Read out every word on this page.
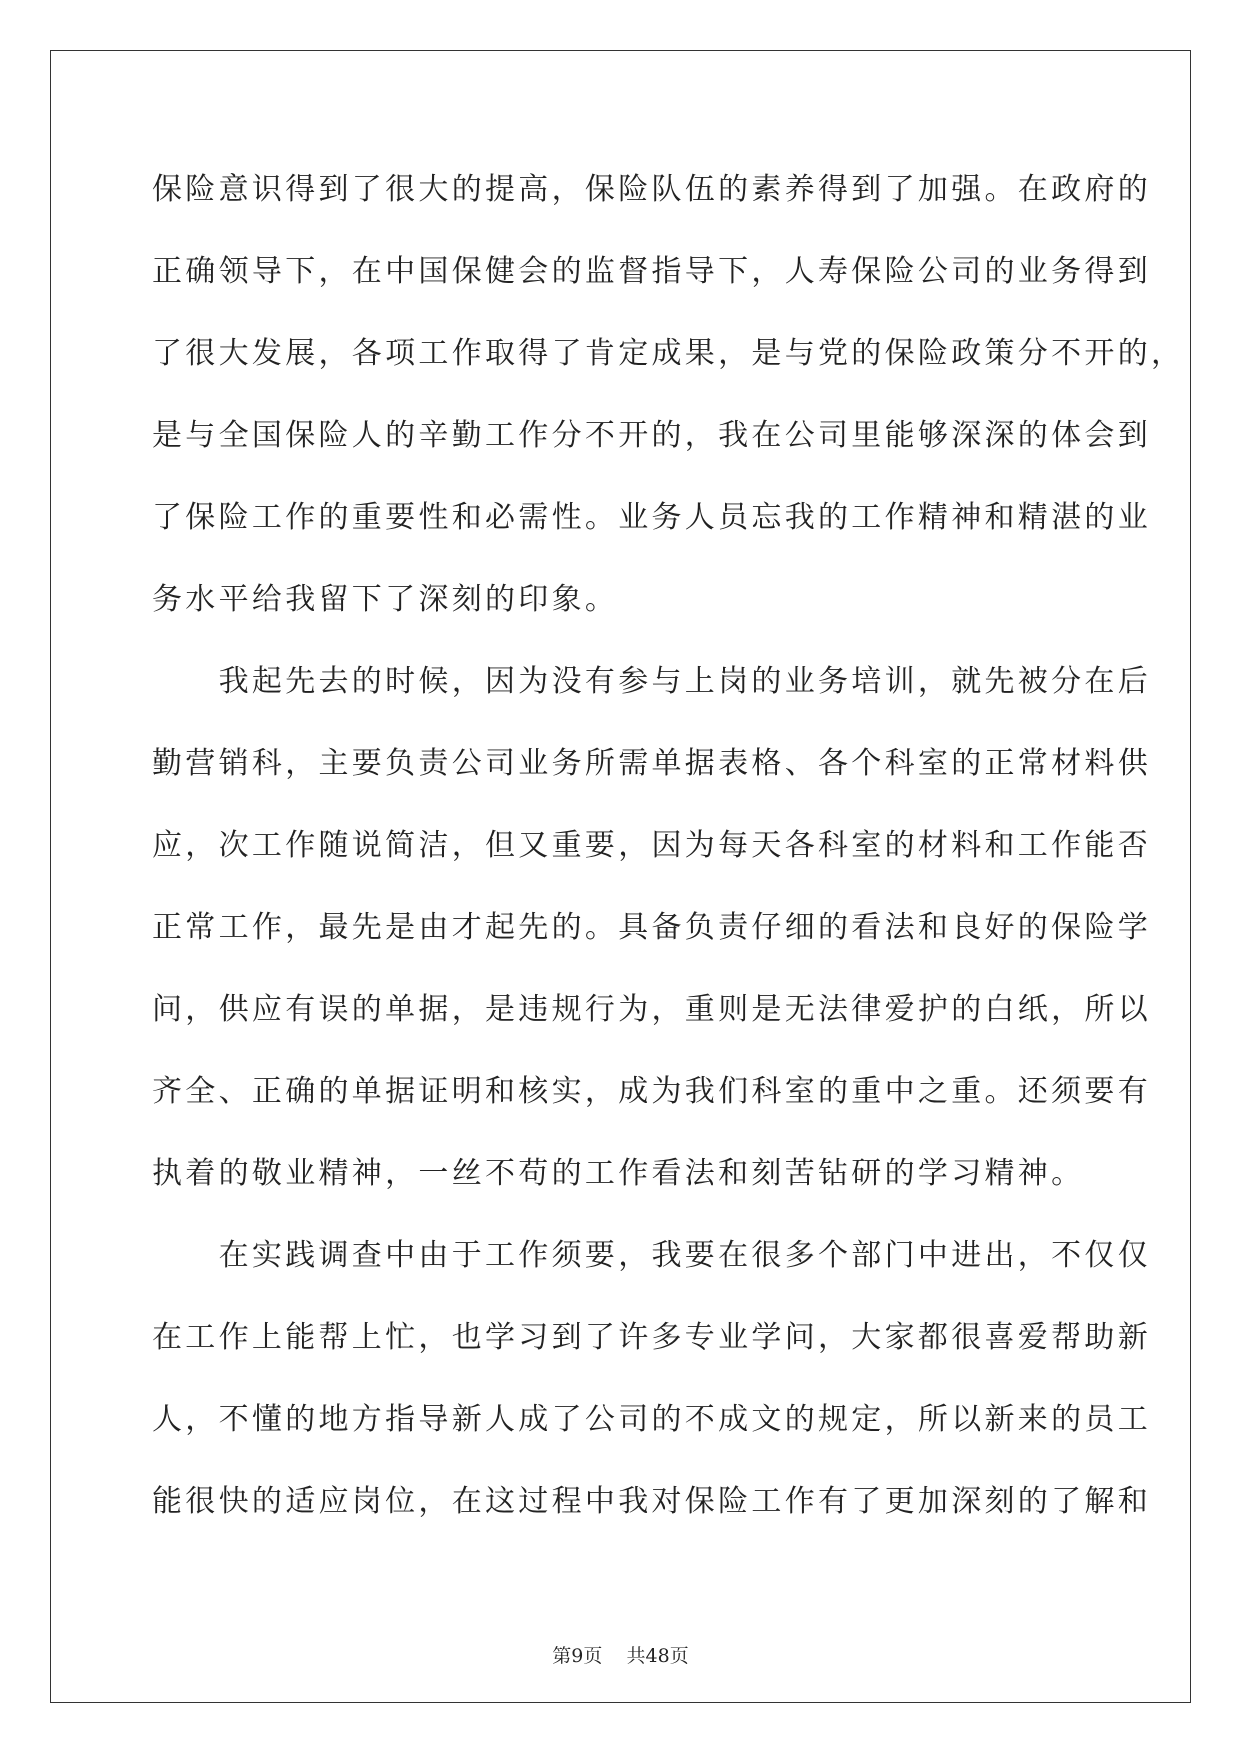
保险意识得到了很大的提高，保险队伍的素养得到了加强。在政府的
正确领导下，在中国保健会的监督指导下，人寿保险公司的业务得到
了很大发展，各项工作取得了肯定成果，是与党的保险政策分不开的，
是与全国保险人的辛勤工作分不开的，我在公司里能够深深的体会到
了保险工作的重要性和必需性。业务人员忘我的工作精神和精湛的业
务水平给我留下了深刻的印象。
　　我起先去的时候，因为没有参与上岗的业务培训，就先被分在后
勤营销科，主要负责公司业务所需单据表格、各个科室的正常材料供
应，次工作随说简洁，但又重要，因为每天各科室的材料和工作能否
正常工作，最先是由才起先的。具备负责仔细的看法和良好的保险学
问，供应有误的单据，是违规行为，重则是无法律爱护的白纸，所以
齐全、正确的单据证明和核实，成为我们科室的重中之重。还须要有
执着的敬业精神，一丝不苟的工作看法和刻苦钻研的学习精神。
　　在实践调查中由于工作须要，我要在很多个部门中进出，不仅仅
在工作上能帮上忙，也学习到了许多专业学问，大家都很喜爱帮助新
人，不懂的地方指导新人成了公司的不成文的规定，所以新来的员工
能很快的适应岗位，在这过程中我对保险工作有了更加深刻的了解和
第9页 共48页
